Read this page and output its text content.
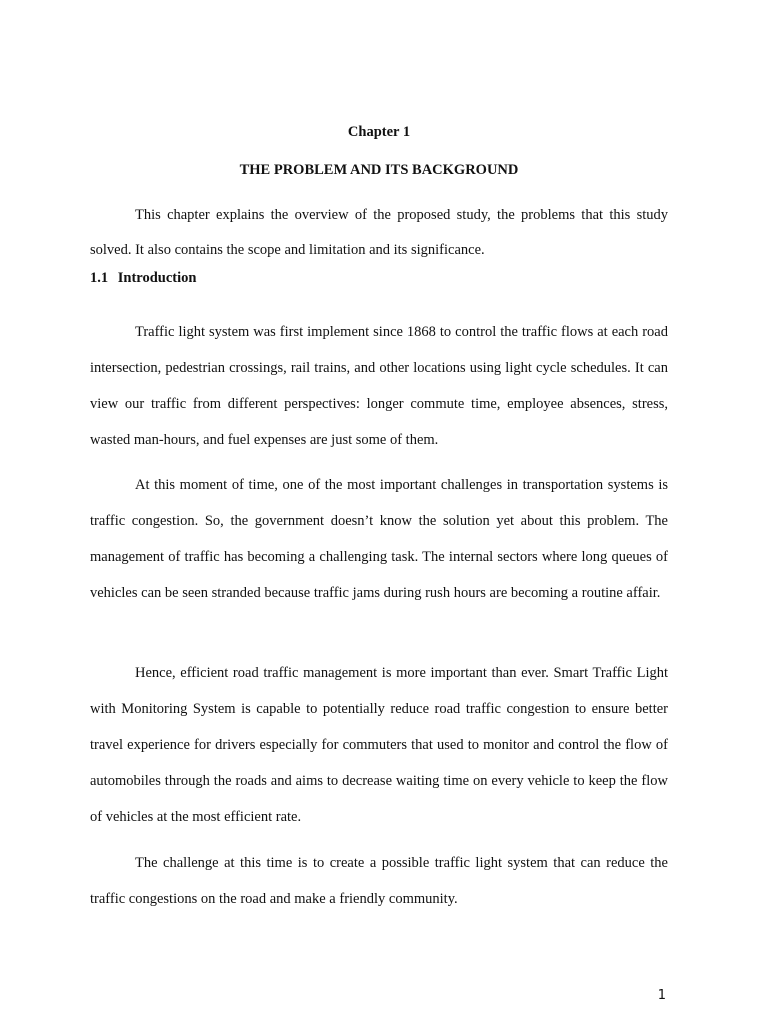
Chapter 1
THE PROBLEM AND ITS BACKGROUND

This chapter explains the overview of the proposed study, the problems that this study solved. It also contains the scope and limitation and its significance.

1.1 Introduction

Traffic light system was first implement since 1868 to control the traffic flows at each road intersection, pedestrian crossings, rail trains, and other locations using light cycle schedules. It can view our traffic from different perspectives: longer commute time, employee absences, stress, wasted man-hours, and fuel expenses are just some of them.

At this moment of time, one of the most important challenges in transportation systems is traffic congestion. So, the government doesn’t know the solution yet about this problem. The management of traffic has becoming a challenging task. The internal sectors where long queues of vehicles can be seen stranded because traffic jams during rush hours are becoming a routine affair.

Hence, efficient road traffic management is more important than ever. Smart Traffic Light with Monitoring System is capable to potentially reduce road traffic congestion to ensure better travel experience for drivers especially for commuters that used to monitor and control the flow of automobiles through the roads and aims to decrease waiting time on every vehicle to keep the flow of vehicles at the most efficient rate.

The challenge at this time is to create a possible traffic light system that can reduce the traffic congestions on the road and make a friendly community.

1
